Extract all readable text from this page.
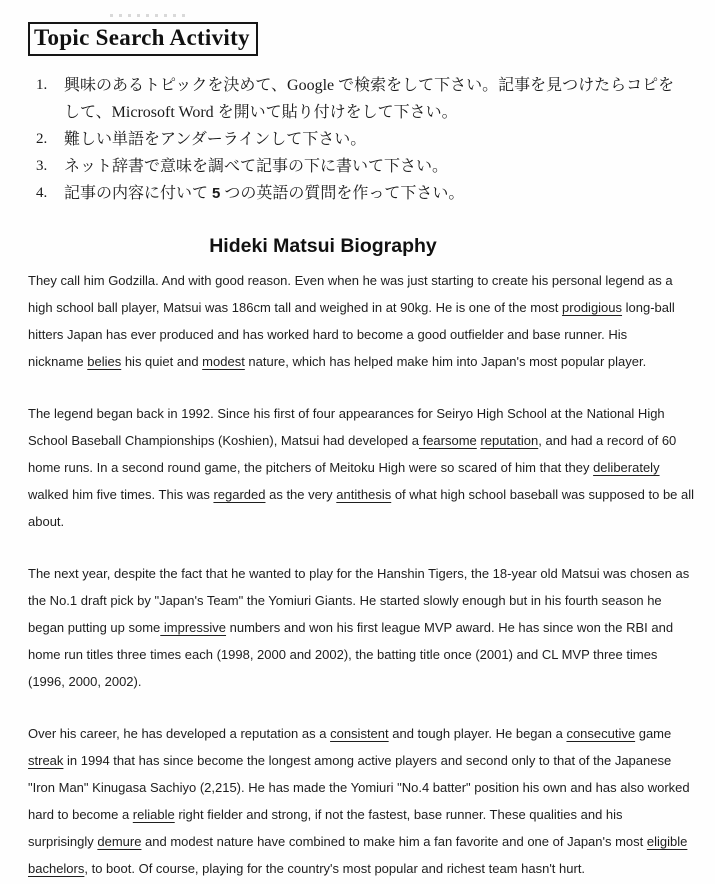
Topic Search Activity
1.	興味のあるトピックを決めて、Google で検索をして下さい。記事を見つけたらコピを
して、Microsoft Word を開いて貼り付けをして下さい。
2.	難しい単語をアンダーラインして下さい。
3.	ネット辞書で意味を調べて記事の下に書いて下さい。
4.	記事の内容に付いて 5 つの英語の質問を作って下さい。
Hideki Matsui Biography
They call him Godzilla. And with good reason. Even when he was just starting to create his personal legend as a
high school ball player, Matsui was 186cm tall and weighed in at 90kg. He is one of the most prodigious long-ball
hitters Japan has ever produced and has worked hard to become a good outfielder and base runner. His
nickname belies his quiet and modest nature, which has helped make him into Japan's most popular player.
The legend began back in 1992. Since his first of four appearances for Seiryo High School at the National High
School Baseball Championships (Koshien), Matsui had developed a fearsome reputation, and had a record of 60
home runs. In a second round game, the pitchers of Meitoku High were so scared of him that they deliberately
walked him five times. This was regarded as the very antithesis of what high school baseball was supposed to be all
about.
The next year, despite the fact that he wanted to play for the Hanshin Tigers, the 18-year old Matsui was chosen as
the No.1 draft pick by "Japan's Team" the Yomiuri Giants. He started slowly enough but in his fourth season he
began putting up some impressive numbers and won his first league MVP award. He has since won the RBI and
home run titles three times each (1998, 2000 and 2002), the batting title once (2001) and CL MVP three times
(1996, 2000, 2002).
Over his career, he has developed a reputation as a consistent and tough player. He began a consecutive game
streak in 1994 that has since become the longest among active players and second only to that of the Japanese
"Iron Man" Kinugasa Sachiyo (2,215). He has made the Yomiuri "No.4 batter" position his own and has also worked
hard to become a reliable right fielder and strong, if not the fastest, base runner. These qualities and his
surprisingly demure and modest nature have combined to make him a fan favorite and one of Japan's most eligible
bachelors, to boot. Of course, playing for the country's most popular and richest team hasn't hurt.
